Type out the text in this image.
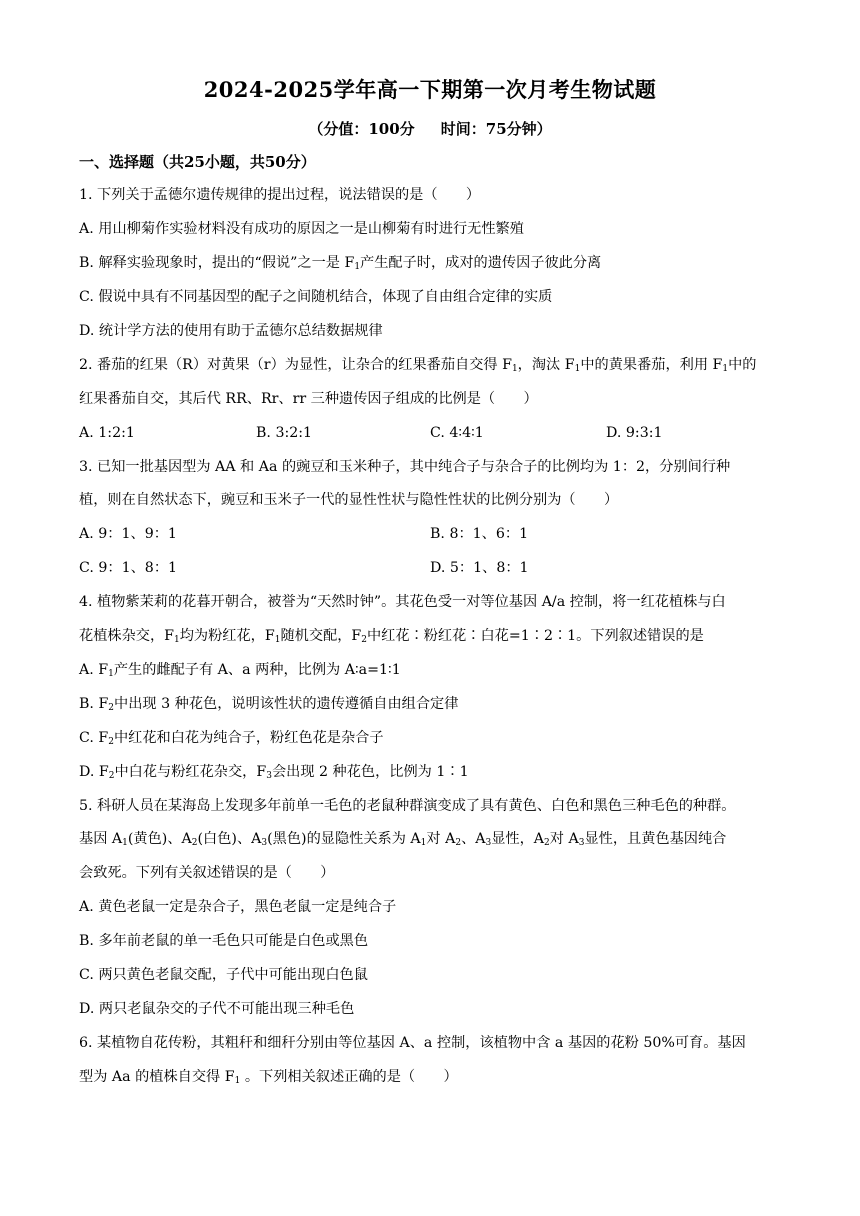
2024-2025学年高一下期第一次月考生物试题
（分值：100分     时间：75分钟）
一、选择题（共25小题，共50分）
1. 下列关于孟德尔遗传规律的提出过程，说法错误的是（　　）
A. 用山柳菊作实验材料没有成功的原因之一是山柳菊有时进行无性繁殖
B. 解释实验现象时，提出的“假说”之一是 $F_1$产生配子时，成对的遗传因子彼此分离
C. 假说中具有不同基因型的配子之间随机结合，体现了自由组合定律的实质
D. 统计学方法的使用有助于孟德尔总结数据规律
2. 番茄的红果（R）对黄果（r）为显性，让杂合的红果番茄自交得 $F_1$，淘汰 $F_1$中的黄果番茄，利用 $F_1$中的
红果番茄自交，其后代 RR、Rr、rr 三种遗传因子组成的比例是（　　）
A. 1:2:1	B. 3:2:1	C. 4∶4∶1	D. 9:3:1
3. 已知一批基因型为 AA 和 Aa 的豌豆和玉米种子，其中纯合子与杂合子的比例均为 1：2，分别间行种
植，则在自然状态下，豌豆和玉米子一代的显性性状与隐性性状的比例分别为（　　）
A. 9：1、9：1	B. 8：1、6：1
C. 9：1、8：1	D. 5：1、8：1
4. 植物紫茉莉的花暮开朝合，被誉为“天然时钟”。其花色受一对等位基因 A/a 控制，将一红花植株与白
花植株杂交，$F_1$均为粉红花，$F_1$随机交配，$F_2$中红花∶粉红花∶白花=1∶2∶1。下列叙述错误的是
A. $F_1$产生的雌配子有 A、a 两种，比例为 A∶a=1∶1
B. $F_2$中出现 3 种花色，说明该性状的遗传遵循自由组合定律
C. $F_2$中红花和白花为纯合子，粉红色花是杂合子
D. $F_2$中白花与粉红花杂交，$F_3$会出现 2 种花色，比例为 1∶1
5. 科研人员在某海岛上发现多年前单一毛色的老鼠种群演变成了具有黄色、白色和黑色三种毛色的种群。
基因 $A_1$(黄色)、$A_2$(白色)、$A_3$(黑色)的显隐性关系为 $A_1$对 $A_2$、$A_3$显性，$A_2$对 $A_3$显性，且黄色基因纯合
会致死。下列有关叙述错误的是（　　）
A. 黄色老鼠一定是杂合子，黑色老鼠一定是纯合子
B. 多年前老鼠的单一毛色只可能是白色或黑色
C. 两只黄色老鼠交配，子代中可能出现白色鼠
D. 两只老鼠杂交的子代不可能出现三种毛色
6. 某植物自花传粉，其粗秆和细秆分别由等位基因 A、a 控制，该植物中含 a 基因的花粉 50%可育。基因
型为 Aa 的植株自交得 $F_1$ 。下列相关叙述正确的是（　　）
